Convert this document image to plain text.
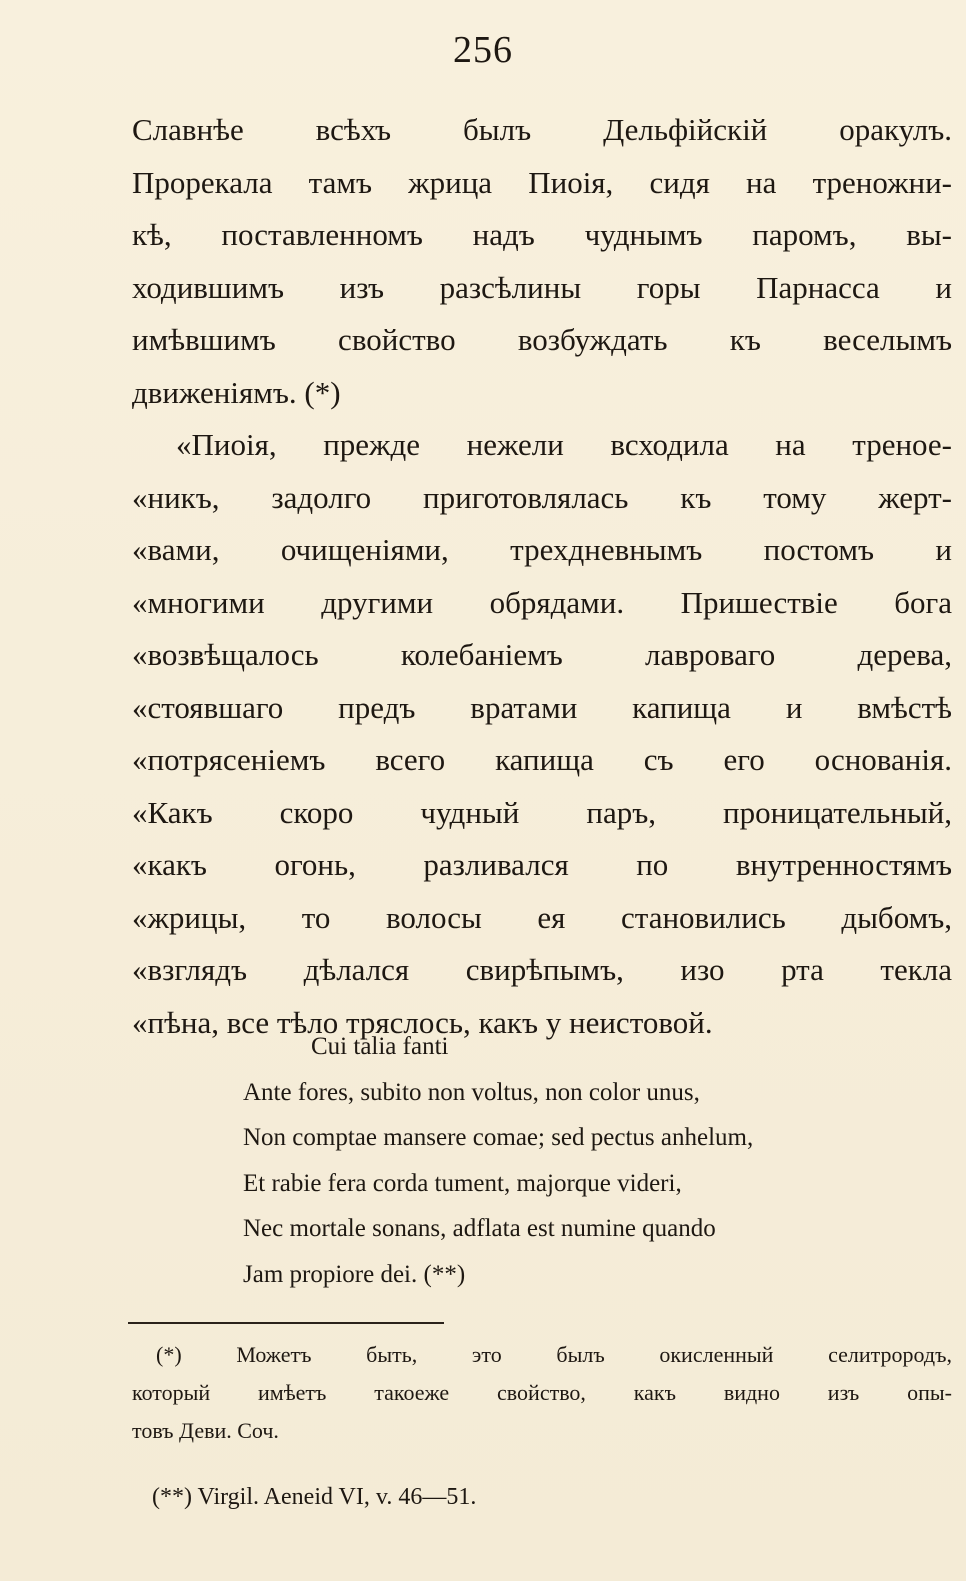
256
Славнѣе всѣхъ былъ Дельфійскій оракулъ.
Прорекала тамъ жрица Пиоія, сидя на треножни-
кѣ, поставленномъ надъ чуднымъ паромъ, вы-
ходившимъ изъ разсѣлины горы Парнасса и
имѣвшимъ свойство возбуждать къ веселымъ
движеніямъ. (*)
«Пиоія, прежде нежели всходила на треное-
«никъ, задолго приготовлялась къ тому жерт-
«вами, очищеніями, трехдневнымъ постомъ и
«многими другими обрядами. Пришествіе бога
«возвѣщалось колебаніемъ лавроваго дерева,
«стоявшаго предъ вратами капища и вмѣстѣ
«потрясеніемъ всего капища съ его основанія.
«Какъ скоро чудный паръ, проницательный,
«какъ огонь, разливался по внутренностямъ
«жрицы, то волосы ея становились дыбомъ,
«взглядъ дѣлался свирѣпымъ, изо рта текла
«пѣна, все тѣло тряслось, какъ у неистовой.
Cui talia fanti
Ante fores, subito non voltus, non color unus,
Non comptae mansere comae; sed pectus anhelum,
Et rabie fera corda tument, majorque videri,
Nec mortale sonans, adflata est numine quando
Jam propiore dei. (**)
(*) Можетъ быть, это былъ окисленный селитрородъ,
который имѣетъ такоеже свойство, какъ видно изъ опы-
товъ Деви. Соч.
(**) Virgil. Aeneid VI, v. 46—51.
